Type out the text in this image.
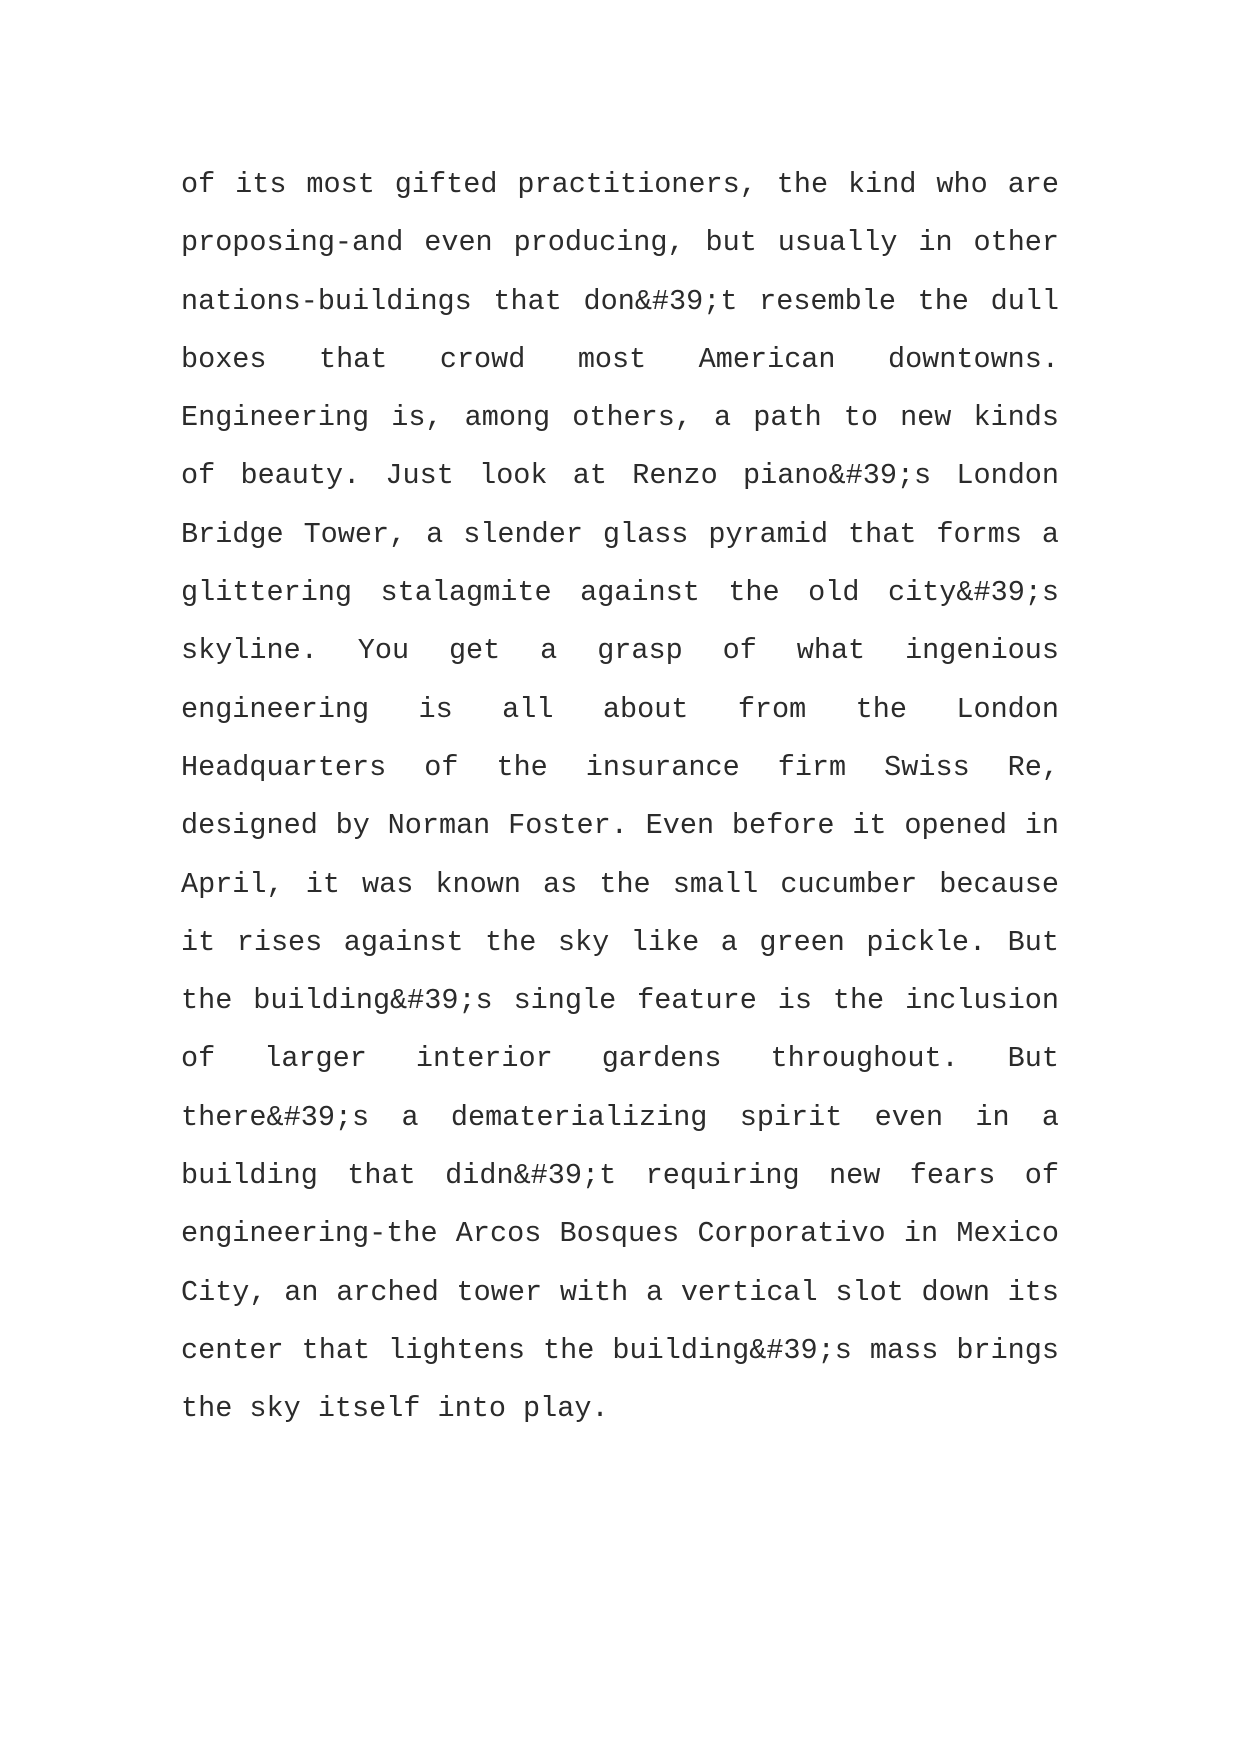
of its most gifted practitioners, the kind who are
proposing-and even producing, but usually in other
nations-buildings that don&#39;t resemble the dull
boxes that crowd most American downtowns.
Engineering is, among others, a path to new kinds
of beauty. Just look at Renzo piano&#39;s London
Bridge Tower, a slender glass pyramid that forms a
glittering stalagmite against the old city&#39;s
skyline. You get a grasp of what ingenious
engineering is all about from the London
Headquarters of the insurance firm Swiss Re,
designed by Norman Foster. Even before it opened in
April, it was known as the small cucumber because
it rises against the sky like a green pickle. But
the building&#39;s single feature is the inclusion
of larger interior gardens throughout. But
there&#39;s a dematerializing spirit even in a
building that didn&#39;t requiring new fears of
engineering-the Arcos Bosques Corporativo in Mexico
City, an arched tower with a vertical slot down its
center that lightens the building&#39;s mass brings
the sky itself into play.
